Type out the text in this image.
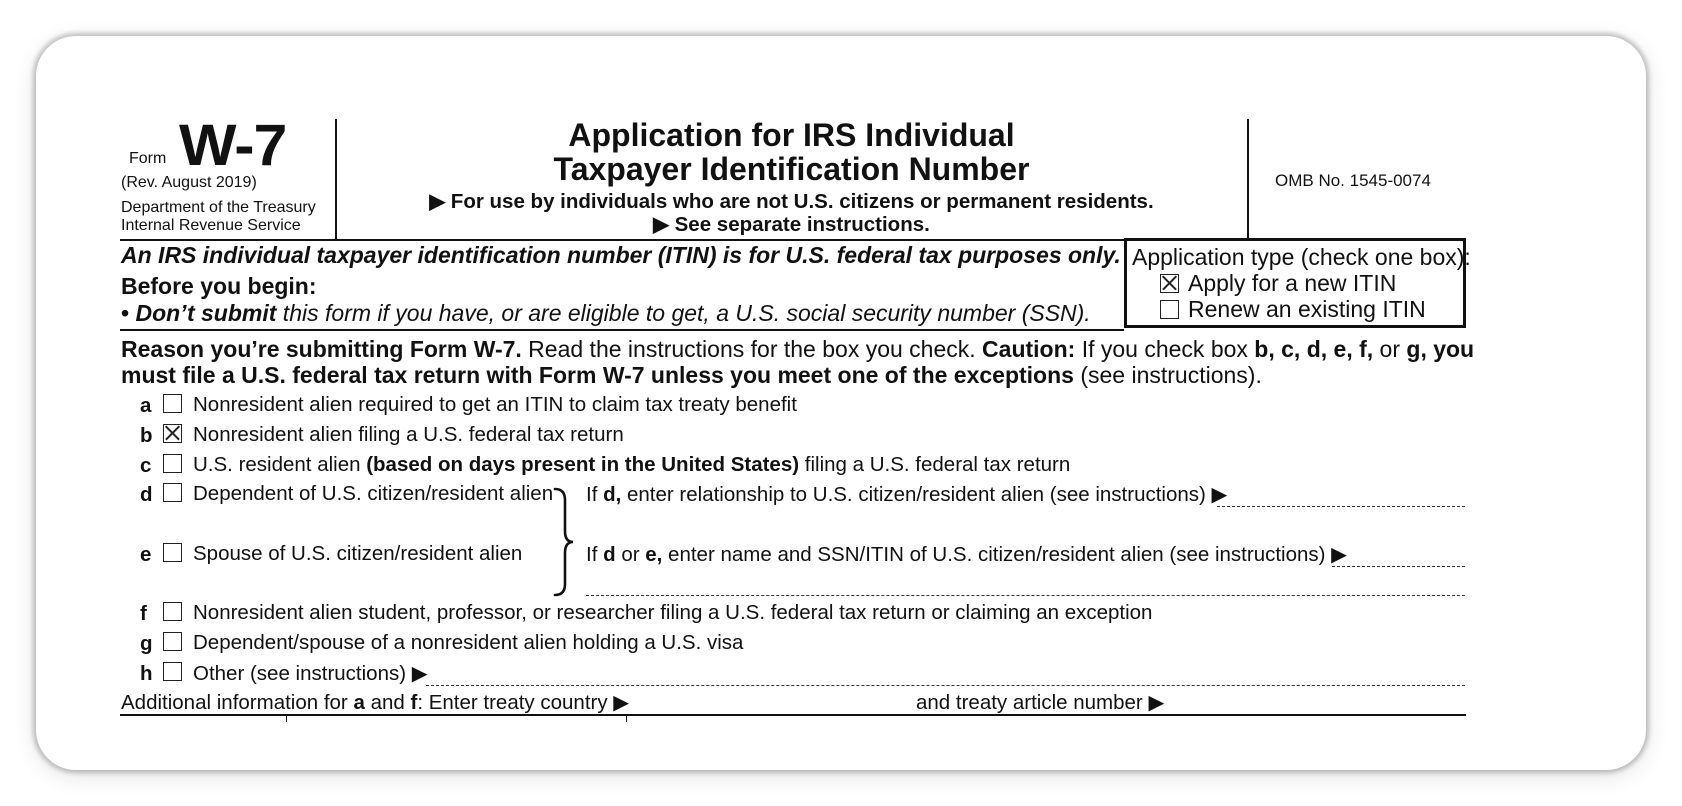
Form W-7
(Rev. August 2019)
Department of the Treasury
Internal Revenue Service
Application for IRS Individual
Taxpayer Identification Number
▶ For use by individuals who are not U.S. citizens or permanent residents.
▶ See separate instructions.
OMB No. 1545-0074
An IRS individual taxpayer identification number (ITIN) is for U.S. federal tax purposes only.
Before you begin:
• Don’t submit this form if you have, or are eligible to get, a U.S. social security number (SSN).
Application type (check one box):
Apply for a new ITIN
Renew an existing ITIN
Reason you’re submitting Form W-7. Read the instructions for the box you check. Caution: If you check box b, c, d, e, f, or g, you
must file a U.S. federal tax return with Form W-7 unless you meet one of the exceptions (see instructions).
a Nonresident alien required to get an ITIN to claim tax treaty benefit
b Nonresident alien filing a U.S. federal tax return
c U.S. resident alien (based on days present in the United States) filing a U.S. federal tax return
d Dependent of U.S. citizen/resident alien
e Spouse of U.S. citizen/resident alien
If d, enter relationship to U.S. citizen/resident alien (see instructions) ▶
If d or e, enter name and SSN/ITIN of U.S. citizen/resident alien (see instructions) ▶
f Nonresident alien student, professor, or researcher filing a U.S. federal tax return or claiming an exception
g Dependent/spouse of a nonresident alien holding a U.S. visa
h Other (see instructions) ▶
Additional information for a and f: Enter treaty country ▶	and treaty article number ▶
